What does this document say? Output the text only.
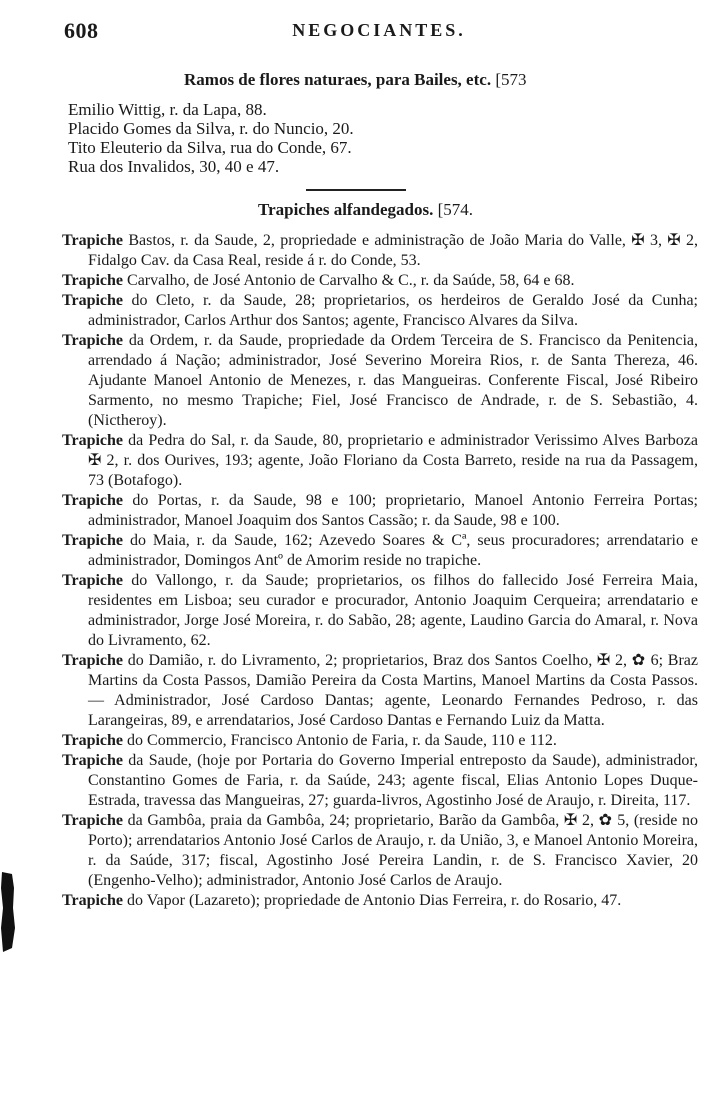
608	NEGOCIANTES.
Ramos de flores naturaes, para Bailes, etc. [573
Emilio Wittig, r. da Lapa, 88.
Placido Gomes da Silva, r. do Nuncio, 20.
Tito Eleuterio da Silva, rua do Conde, 67.
Rua dos Invalidos, 30, 40 e 47.
Trapiches alfandegados. [574.

Trapiche Bastos, r. da Saude, 2, propriedade e administração de João Maria do Valle, ✠ 3, ✠ 2, Fidalgo Cav. da Casa Real, reside á r. do Conde, 53.

Trapiche Carvalho, de José Antonio de Carvalho & C., r. da Saúde, 58, 64 e 68.

Trapiche do Cleto, r. da Saude, 28; proprietarios, os herdeiros de Geraldo José da Cunha; administrador, Carlos Arthur dos Santos; agente, Francisco Alvares da Silva.

Trapiche da Ordem, r. da Saude, propriedade da Ordem Terceira de S. Francisco da Penitencia, arrendado á Nação; administrador, José Severino Moreira Rios, r. de Santa Thereza, 46. Ajudante Manoel Antonio de Menezes, r. das Mangueiras. Conferente Fiscal, José Ribeiro Sarmento, no mesmo Trapiche; Fiel, José Francisco de Andrade, r. de S. Sebastião, 4. (Nictheroy).

Trapiche da Pedra do Sal, r. da Saude, 80, proprietario e administrador Verissimo Alves Barboza ✠ 2, r. dos Ourives, 193; agente, João Floriano da Costa Barreto, reside na rua da Passagem, 73 (Botafogo).

Trapiche do Portas, r. da Saude, 98 e 100; proprietario, Manoel Antonio Ferreira Portas; administrador, Manoel Joaquim dos Santos Cassão; r. da Saude, 98 e 100.

Trapiche do Maia, r. da Saude, 162; Azevedo Soares & Cª, seus procuradores; arrendatario e administrador, Domingos Antº de Amorim reside no trapiche.

Trapiche do Vallongo, r. da Saude; proprietarios, os filhos do fallecido José Ferreira Maia, residentes em Lisboa; seu curador e procurador, Antonio Joaquim Cerqueira; arrendatario e administrador, Jorge José Moreira, r. do Sabão, 28; agente, Laudino Garcia do Amaral, r. Nova do Livramento, 62.

Trapiche do Damião, r. do Livramento, 2; proprietarios, Braz dos Santos Coelho, ✠ 2, ✿ 6; Braz Martins da Costa Passos, Damião Pereira da Costa Martins, Manoel Martins da Costa Passos. — Administrador, José Cardoso Dantas; agente, Leonardo Fernandes Pedroso, r. das Larangeiras, 89, e arrendatarios, José Cardoso Dantas e Fernando Luiz da Matta.

Trapiche do Commercio, Francisco Antonio de Faria, r. da Saude, 110 e 112.

Trapiche da Saude, (hoje por Portaria do Governo Imperial entreposto da Saude), administrador, Constantino Gomes de Faria, r. da Saúde, 243; agente fiscal, Elias Antonio Lopes Duque-Estrada, travessa das Mangueiras, 27; guarda-livros, Agostinho José de Araujo, r. Direita, 117.

Trapiche da Gambôa, praia da Gambôa, 24; proprietario, Barão da Gambôa, ✠ 2, ✿ 5, (reside no Porto); arrendatarios Antonio José Carlos de Araujo, r. da União, 3, e Manoel Antonio Moreira, r. da Saúde, 317; fiscal, Agostinho José Pereira Landin, r. de S. Francisco Xavier, 20 (Engenho-Velho); administrador, Antonio José Carlos de Araujo.

Trapiche do Vapor (Lazareto); propriedade de Antonio Dias Ferreira, r. do Rosario, 47.
